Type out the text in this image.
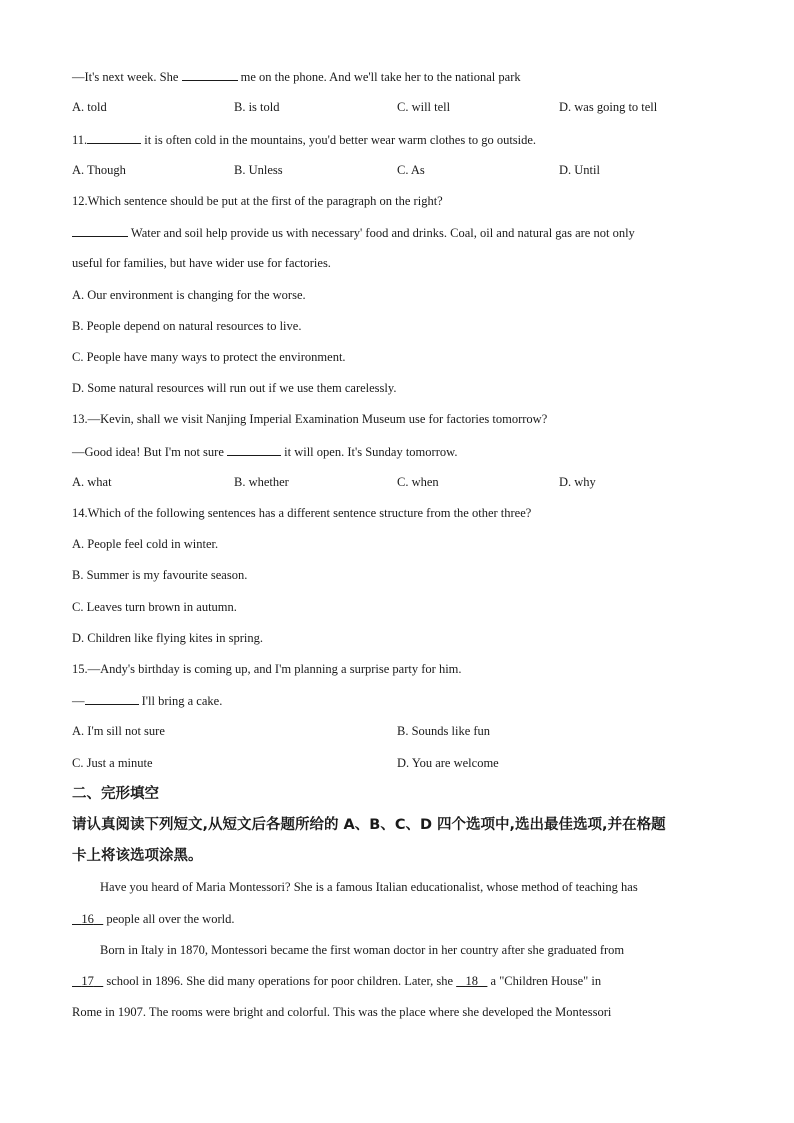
—It's next week. She	me on the phone. And we'll take her to the national park
A. told	B. is told	C. will tell	D. was going to tell
11.	it is often cold in the mountains, you'd better wear warm clothes to go outside.
A. Though	B. Unless	C. As	D. Until
12.Which sentence should be put at the first of the paragraph on the right?
Water and soil help provide us with necessary' food and drinks. Coal, oil and natural gas are not only
useful for families, but have wider use for factories.
A. Our environment is changing for the worse.
B. People depend on natural resources to live.
C. People have many ways to protect the environment.
D. Some natural resources will run out if we use them carelessly.
13.—Kevin, shall we visit Nanjing Imperial Examination Museum use for factories tomorrow?
—Good idea! But I'm not sure	it will open. It's Sunday tomorrow.
A. what	B. whether	C. when	D. why
14.Which of the following sentences has a different sentence structure from the other three?
A. People feel cold in winter.
B. Summer is my favourite season.
C. Leaves turn brown in autumn.
D. Children like flying kites in spring.
15.—Andy's birthday is coming up, and I'm planning a surprise party for him.
—	I'll bring a cake.
A. I'm sill not sure	B. Sounds like fun
C. Just a minute	D. You are welcome
二、完形填空
请认真阅读下列短文,从短文后各题所给的 A、B、C、D 四个选项中,选出最佳选项,并在格题
卡上将该选项涂黑。
Have you heard of Maria Montessori? She is a famous Italian educationalist, whose method of teaching has
16    people all over the world.
Born in Italy in 1870, Montessori became the first woman doctor in her country after she graduated from
17    school in 1896. She did many operations for poor children. Later, she    18    a "Children House" in
Rome in 1907. The rooms were bright and colorful. This was the place where she developed the Montessori
